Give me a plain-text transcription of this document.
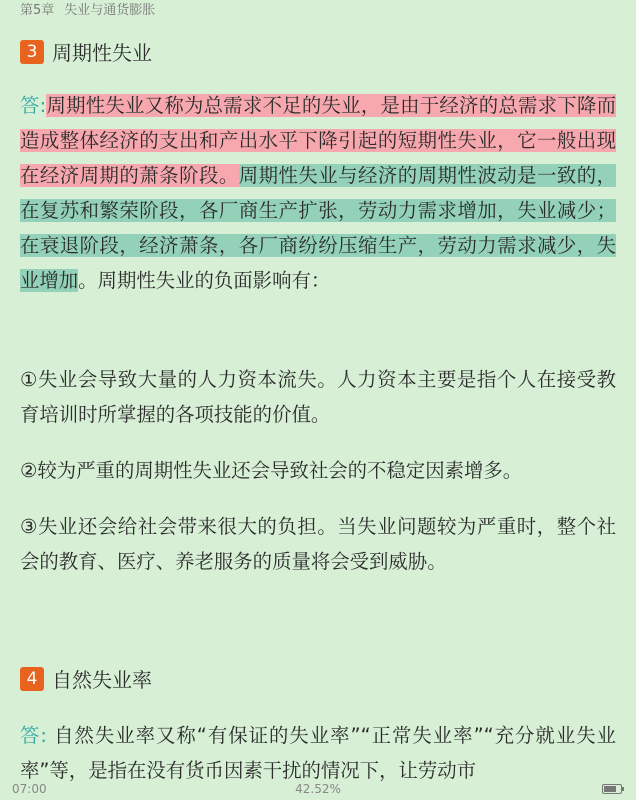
第5章 失业与通货膨胀
3 周期性失业

答:周期性失业又称为总需求不足的失业，是由于经济的总需求下降而造成整体经济的支出和产出水平下降引起的短期性失业，它一般出现在经济周期的萧条阶段。周期性失业与经济的周期性波动是一致的，在复苏和繁荣阶段，各厂商生产扩张，劳动力需求增加，失业减少；在衰退阶段，经济萧条，各厂商纷纷压缩生产，劳动力需求减少，失业增加。周期性失业的负面影响有：

①失业会导致大量的人力资本流失。人力资本主要是指个人在接受教育培训时所掌握的各项技能的价值。

②较为严重的周期性失业还会导致社会的不稳定因素增多。

③失业还会给社会带来很大的负担。当失业问题较为严重时，整个社会的教育、医疗、养老服务的质量将会受到威胁。

4 自然失业率

答: 自然失业率又称“有保证的失业率”“正常失业率”“充分就业失业率”等，是指在没有货币因素干扰的情况下，让劳动市

07:00	42.52%
